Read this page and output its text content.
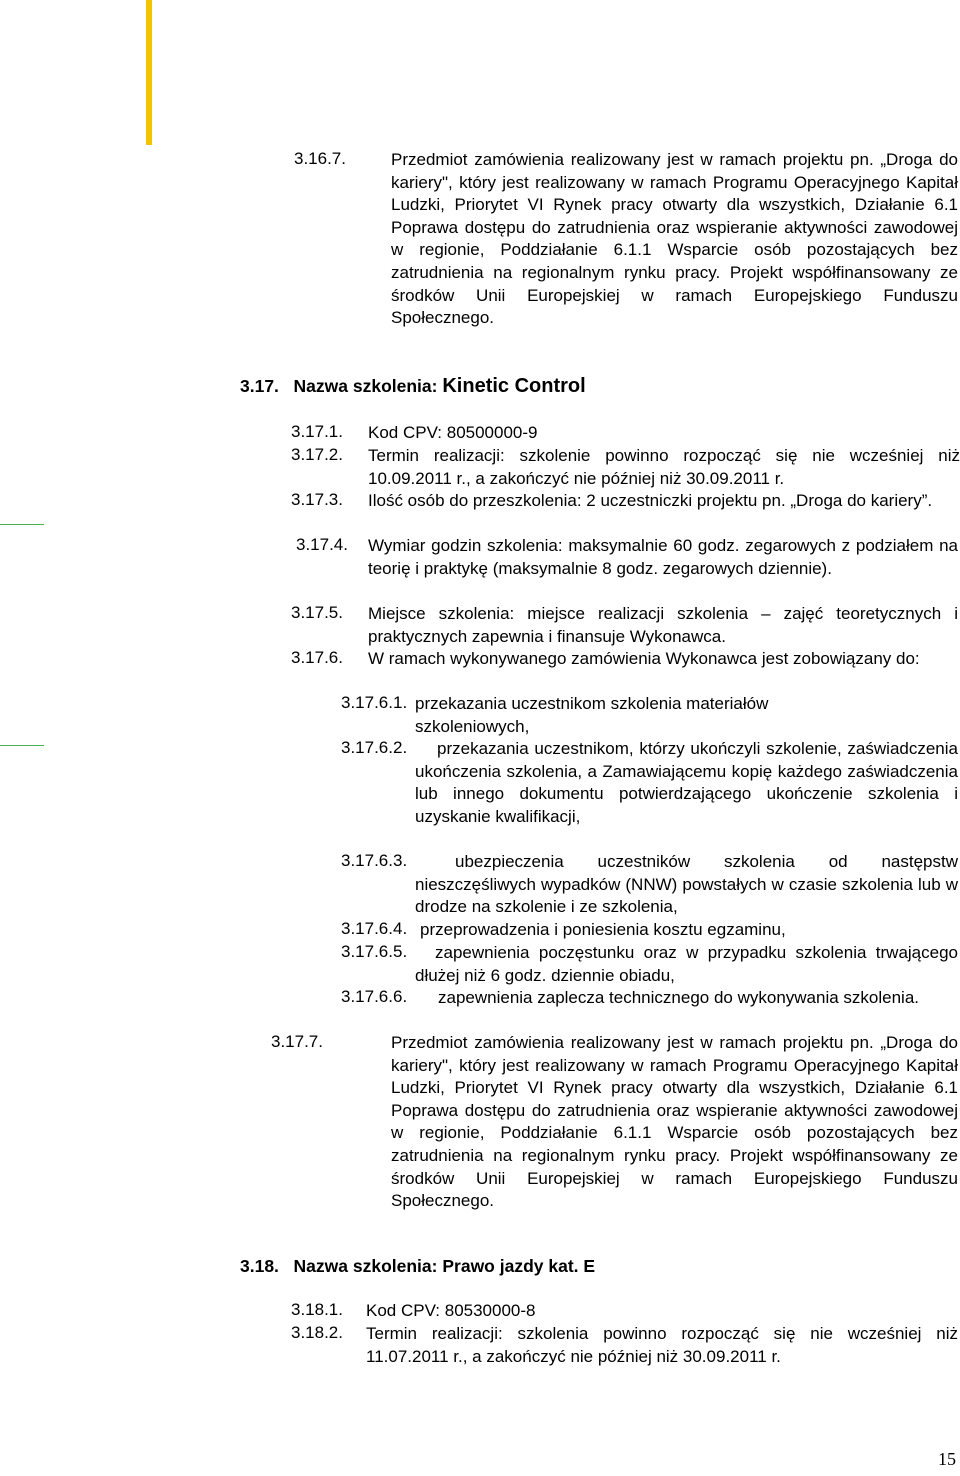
3.16.7.	Przedmiot zamówienia realizowany jest w ramach projektu pn. „Droga do kariery", który jest realizowany w ramach Programu Operacyjnego Kapitał Ludzki, Priorytet VI Rynek pracy otwarty dla wszystkich, Działanie 6.1 Poprawa dostępu do zatrudnienia oraz wspieranie aktywności zawodowej w regionie, Poddziałanie 6.1.1 Wsparcie osób pozostających bez zatrudnienia na regionalnym rynku pracy. Projekt współfinansowany ze środków Unii Europejskiej w ramach Europejskiego Funduszu Społecznego.
3.17. Nazwa szkolenia: Kinetic Control
3.17.1. Kod CPV: 80500000-9
3.17.2. Termin realizacji: szkolenie powinno rozpocząć się nie wcześniej niż 10.09.2011 r., a zakończyć nie później niż 30.09.2011 r.
3.17.3. Ilość osób do przeszkolenia: 2 uczestniczki projektu pn. „Droga do kariery”.
3.17.4. Wymiar godzin szkolenia: maksymalnie 60 godz. zegarowych z podziałem na teorię i praktykę (maksymalnie 8 godz. zegarowych dziennie).
3.17.5. Miejsce szkolenia: miejsce realizacji szkolenia – zajęć teoretycznych i praktycznych zapewnia i finansuje Wykonawca.
3.17.6. W ramach wykonywanego zamówienia Wykonawca jest zobowiązany do:
3.17.6.1. przekazania uczestnikom szkolenia materiałów szkoleniowych,
3.17.6.2.	przekazania uczestnikom, którzy ukończyli szkolenie, zaświadczenia ukończenia szkolenia, a Zamawiającemu kopię każdego zaświadczenia lub innego dokumentu potwierdzającego ukończenie szkolenia i uzyskanie kwalifikacji,
3.17.6.3.	ubezpieczenia uczestników szkolenia od następstw nieszczęśliwych wypadków (NNW) powstałych w czasie szkolenia lub w drodze na szkolenie i ze szkolenia,
3.17.6.4. przeprowadzenia i poniesienia kosztu egzaminu,
3.17.6.5.	zapewnienia poczęstunku oraz w przypadku szkolenia trwającego dłużej niż 6 godz. dziennie obiadu,
3.17.6.6.	zapewnienia zaplecza technicznego do wykonywania szkolenia.
3.17.7.	Przedmiot zamówienia realizowany jest w ramach projektu pn. „Droga do kariery", który jest realizowany w ramach Programu Operacyjnego Kapitał Ludzki, Priorytet VI Rynek pracy otwarty dla wszystkich, Działanie 6.1 Poprawa dostępu do zatrudnienia oraz wspieranie aktywności zawodowej w regionie, Poddziałanie 6.1.1 Wsparcie osób pozostających bez zatrudnienia na regionalnym rynku pracy. Projekt współfinansowany ze środków Unii Europejskiej w ramach Europejskiego Funduszu Społecznego.
3.18. Nazwa szkolenia: Prawo jazdy kat. E
3.18.1. Kod CPV: 80530000-8
3.18.2. Termin realizacji: szkolenia powinno rozpocząć się nie wcześniej niż 11.07.2011 r., a zakończyć nie później niż 30.09.2011 r.
15
